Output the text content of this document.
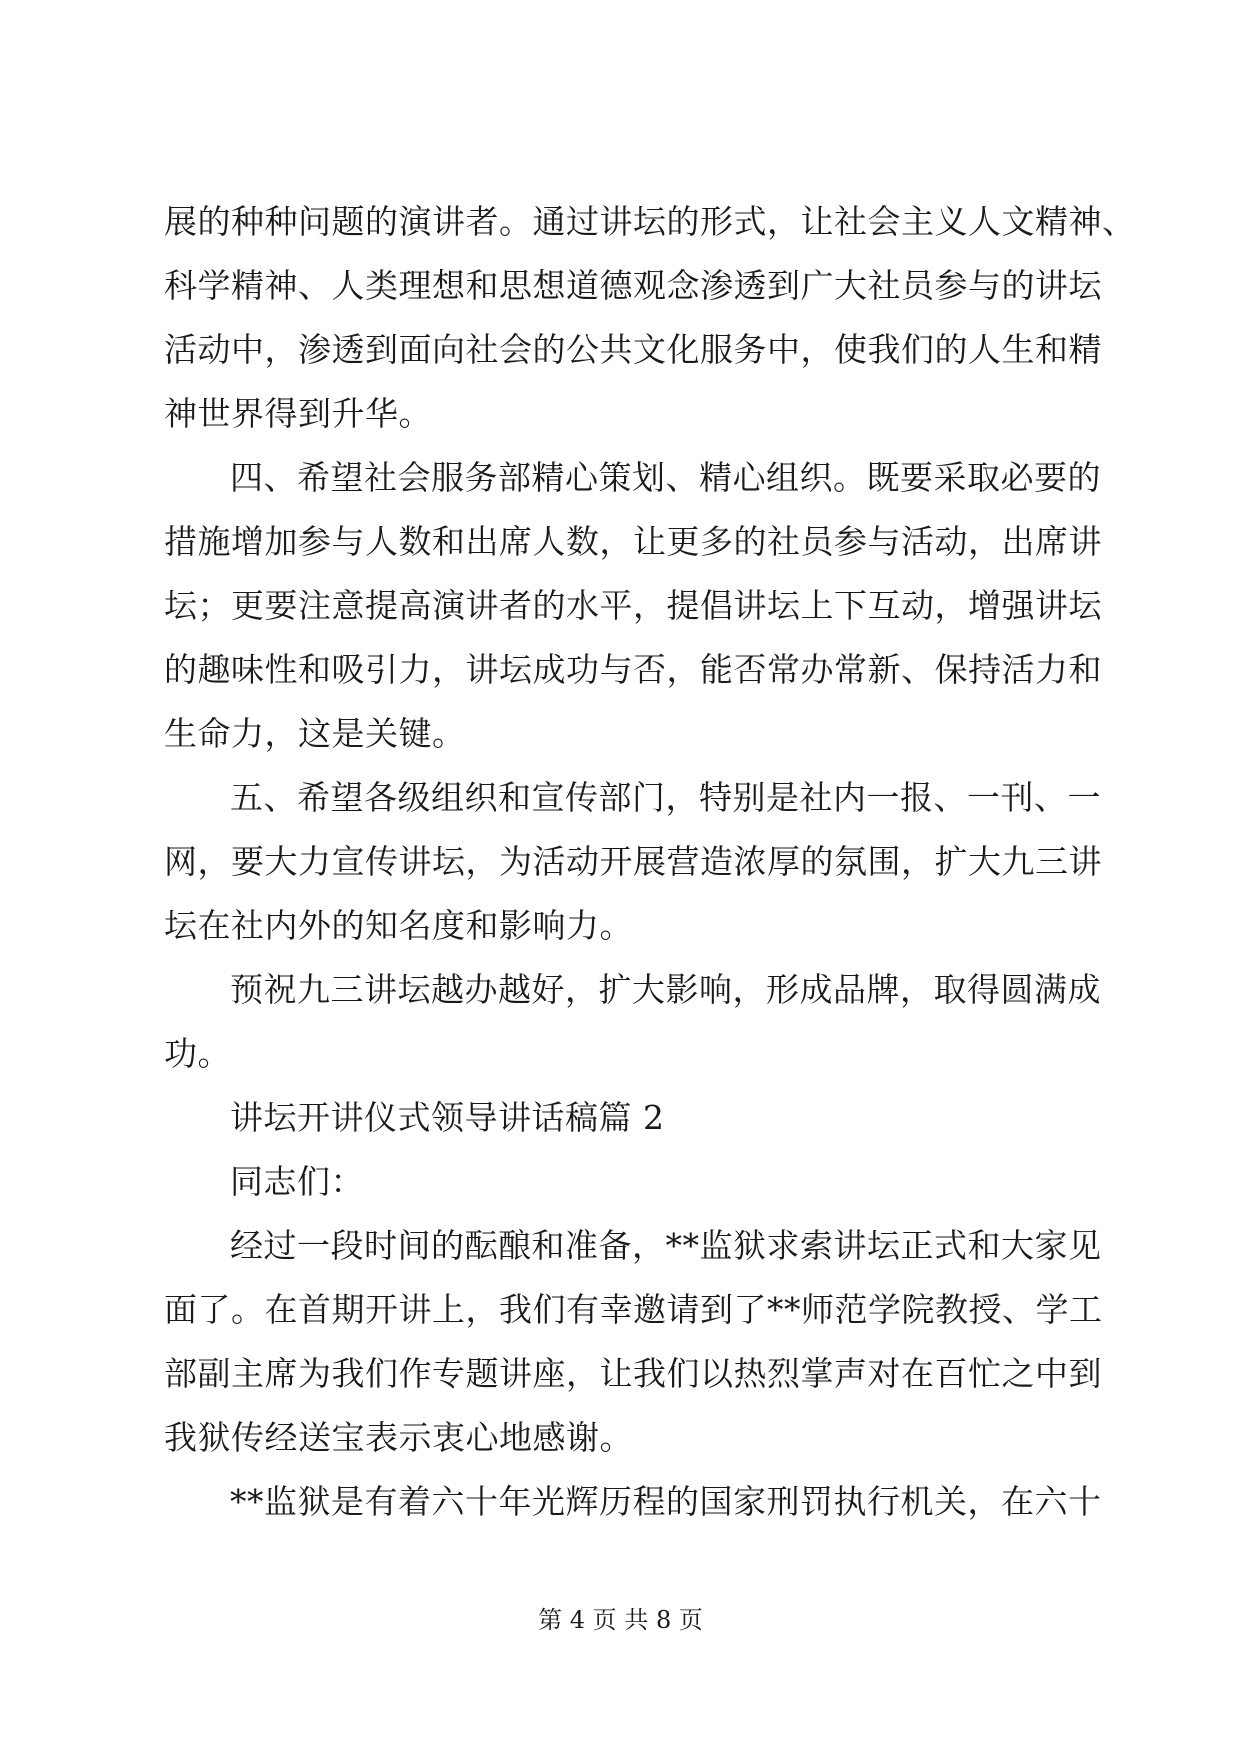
展的种种问题的演讲者。通过讲坛的形式，让社会主义人文精神、
科学精神、人类理想和思想道德观念渗透到广大社员参与的讲坛
活动中，渗透到面向社会的公共文化服务中，使我们的人生和精
神世界得到升华。
四、希望社会服务部精心策划、精心组织。既要采取必要的
措施增加参与人数和出席人数，让更多的社员参与活动，出席讲
坛；更要注意提高演讲者的水平，提倡讲坛上下互动，增强讲坛
的趣味性和吸引力，讲坛成功与否，能否常办常新、保持活力和
生命力，这是关键。
五、希望各级组织和宣传部门，特别是社内一报、一刊、一
网，要大力宣传讲坛，为活动开展营造浓厚的氛围，扩大九三讲
坛在社内外的知名度和影响力。
预祝九三讲坛越办越好，扩大影响，形成品牌，取得圆满成
功。
讲坛开讲仪式领导讲话稿篇 2
同志们：
经过一段时间的酝酿和准备，**监狱求索讲坛正式和大家见
面了。在首期开讲上，我们有幸邀请到了**师范学院教授、学工
部副主席为我们作专题讲座，让我们以热烈掌声对在百忙之中到
我狱传经送宝表示衷心地感谢。
**监狱是有着六十年光辉历程的国家刑罚执行机关，在六十
第 4 页 共 8 页
